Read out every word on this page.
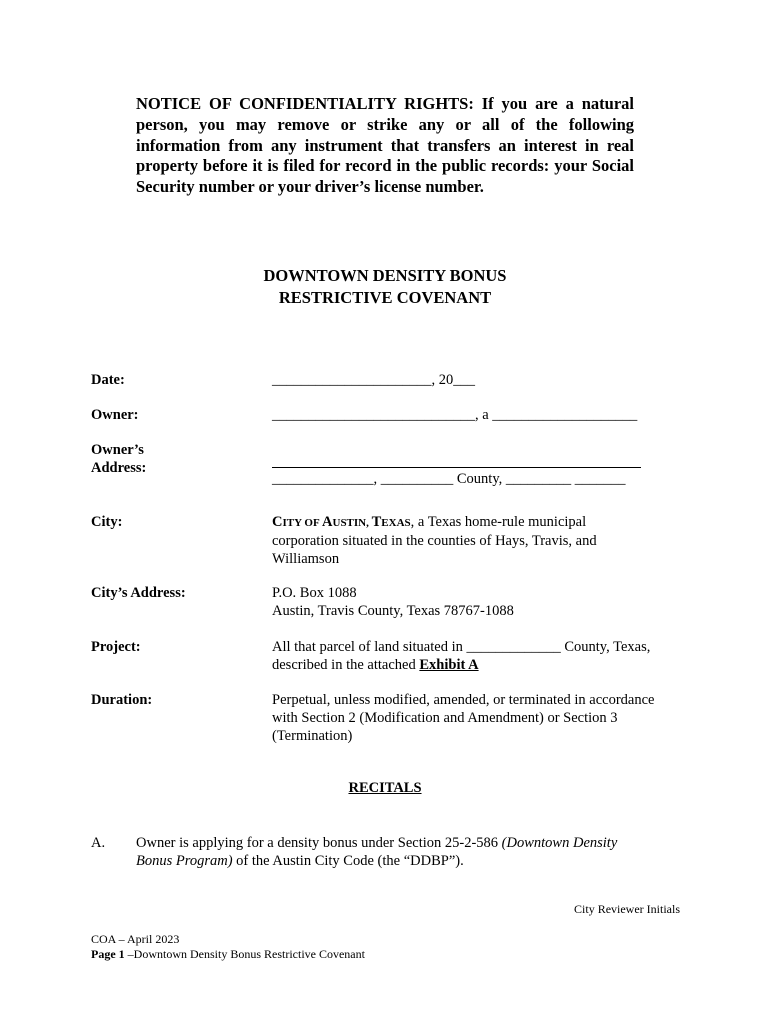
NOTICE OF CONFIDENTIALITY RIGHTS: If you are a natural person, you may remove or strike any or all of the following information from any instrument that transfers an interest in real property before it is filed for record in the public records: your Social Security number or your driver’s license number.
DOWNTOWN DENSITY BONUS
RESTRICTIVE COVENANT
Date:	______________________, 20___
Owner:	____________________________, a ____________________
Owner’s
Address:
______________, __________ County, _________ _______
City:	CITY OF AUSTIN, TEXAS, a Texas home-rule municipal corporation situated in the counties of Hays, Travis, and Williamson
City’s Address:	P.O. Box 1088
Austin, Travis County, Texas 78767-1088
Project:	All that parcel of land situated in _____________ County, Texas, described in the attached Exhibit A
Duration:	Perpetual, unless modified, amended, or terminated in accordance with Section 2 (Modification and Amendment) or Section 3 (Termination)
RECITALS
A. Owner is applying for a density bonus under Section 25-2-586 (Downtown Density Bonus Program) of the Austin City Code (the “DDBP”).
City Reviewer Initials
COA – April 2023
Page 1 –Downtown Density Bonus Restrictive Covenant
